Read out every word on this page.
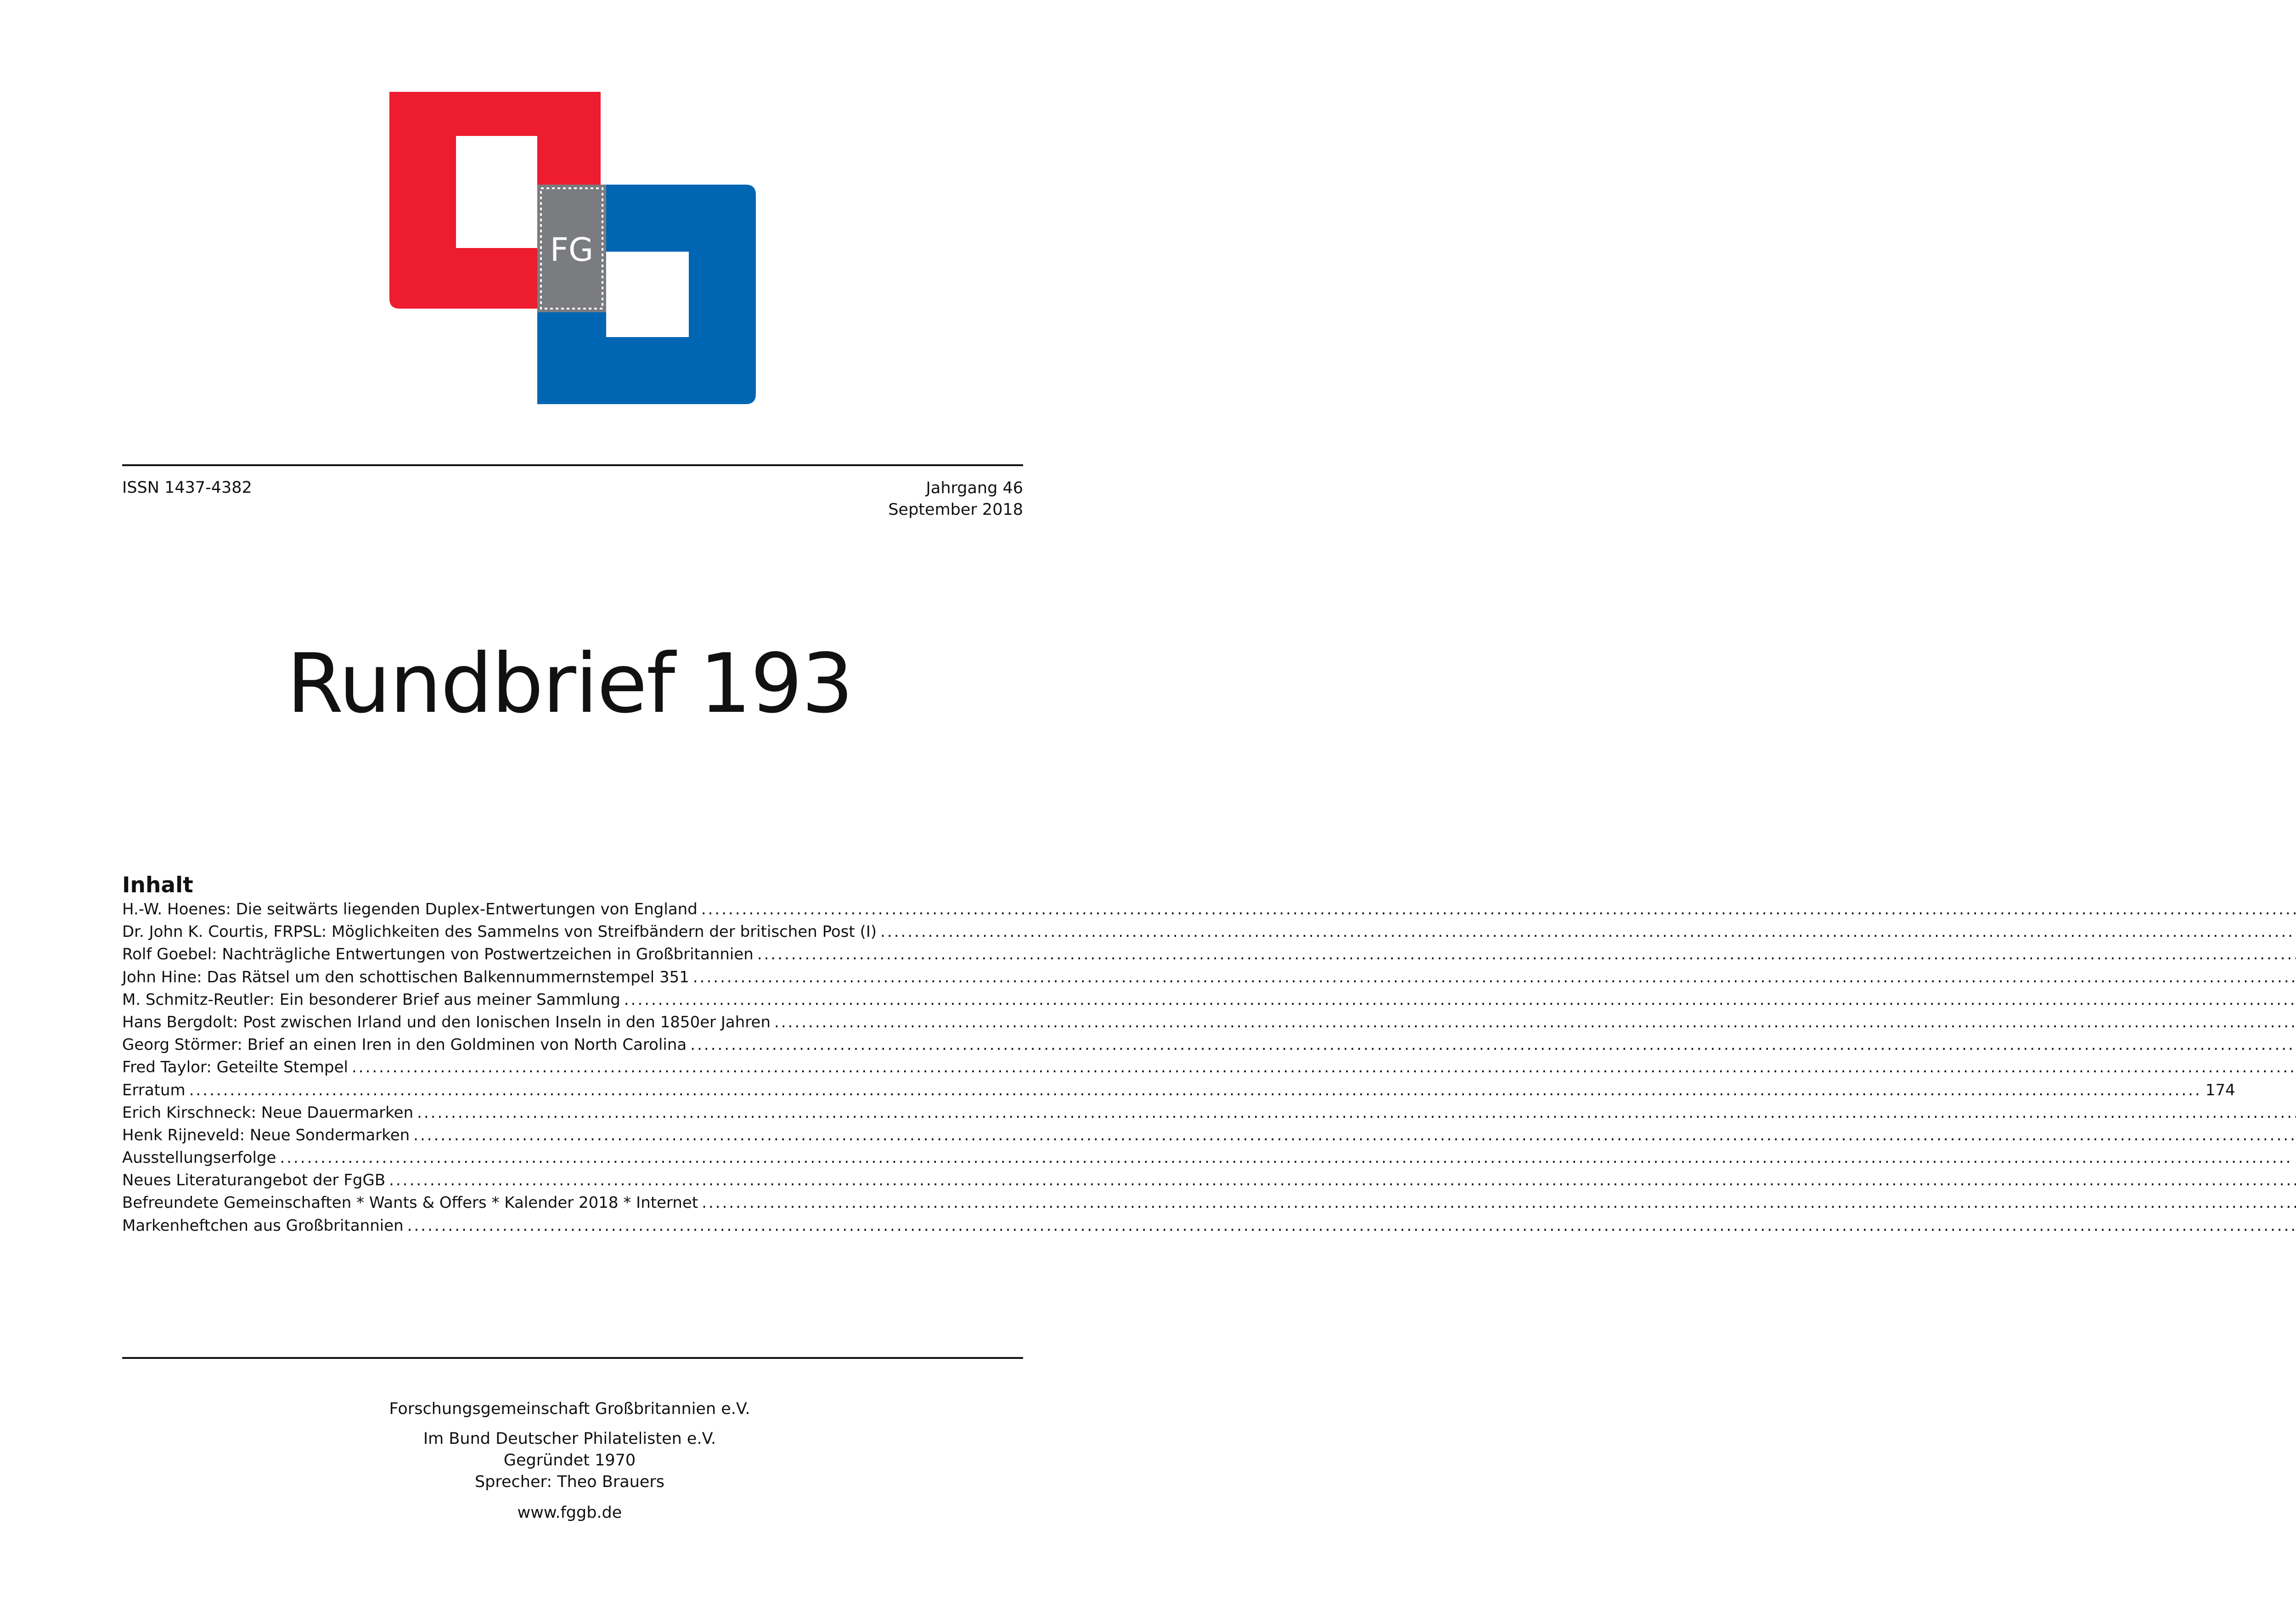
FG
ISSN 1437-4382	Jahrgang 46
September 2018
Rundbrief 193
Inhalt
H.-W. Hoenes: Die seitwärts liegenden Duplex-Entwertungen von England
.....
Dr. John K. Courtis, FRPSL: Möglichkeiten des Sammelns von Streifbändern der britischen Post (I)
.....
Rolf Goebel: Nachträgliche Entwertungen von Postwertzeichen in Großbritannien
.....
John Hine: Das Rätsel um den schottischen Balkennummernstempel 351
.....
M. Schmitz-Reutler: Ein besonderer Brief aus meiner Sammlung
.....
Hans Bergdolt: Post zwischen Irland und den Ionischen Inseln in den 1850er Jahren
.....
Georg Störmer: Brief an einen Iren in den Goldminen von North Carolina
.....
Fred Taylor: Geteilte Stempel
.....
Erratum
.....	174
Erich Kirschneck: Neue Dauermarken
.....
Henk Rijneveld: Neue Sondermarken
.....
Ausstellungserfolge
.....
Neues Literaturangebot der FgGB
.....
Befreundete Gemeinschaften * Wants & Offers * Kalender 2018 * Internet
.....
Markenheftchen aus Großbritannien
.....
Forschungsgemeinschaft Großbritannien e.V.
Im Bund Deutscher Philatelisten e.V.
Gegründet 1970
Sprecher: Theo Brauers
www.fggb.de
